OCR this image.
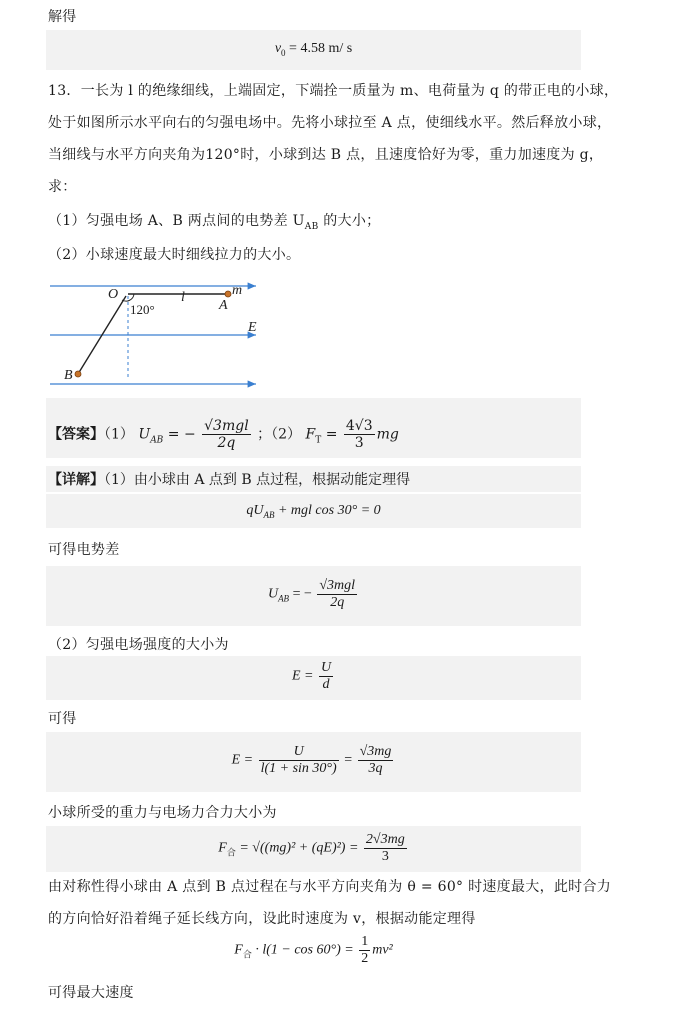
解得
$v_0 = 4.58$ m/ s
13．一长为 l 的绝缘细线，上端固定，下端拴一质量为 m、电荷量为 q 的带正电的小球，
处于如图所示水平向右的匀强电场中。先将小球拉至 A 点，使细线水平。然后释放小球，
当细线与水平方向夹角为120°时，小球到达 B 点，且速度恰好为零，重力加速度为 g，
求：
（1）匀强电场 A、B 两点间的电势差 $U_{AB}$ 的大小；
（2）小球速度最大时细线拉力的大小。
O	l
A
m
B
E
120°
【答案】（1） $U_{AB}$ = − $\frac{\text{√3mgl}}{2q}$ ；（2） $F_T = \frac{4√3}{3}$ mg
【详解】（1）由小球由 A 点到 B 点过程，根据动能定理得
$qU_{AB}$ + mgl cos 30° = 0
可得电势差
$U_{AB}$ = − $\frac{\text{√3mgl}}{2q}$
（2）匀强电场强度的大小为
$E = \frac{U}{d}$
可得
$E = \frac{U}{l(1 + \sin 30^\circ)} = \frac{√3mg}{3q}$
小球所受的重力与电场力合力大小为
$F_合 = √((mg)^2 + (qE)^2) = \frac{2√3mg}{3}$
由对称性得小球由 A 点到 B 点过程在与水平方向夹角为 θ = 60° 时速度最大，此时合力
的方向恰好沿着绳子延长线方向，设此时速度为 v，根据动能定理得
$F_合 \cdot l(1 - \cos 60^\circ) = \frac{1}{2} mv^2$
可得最大速度
